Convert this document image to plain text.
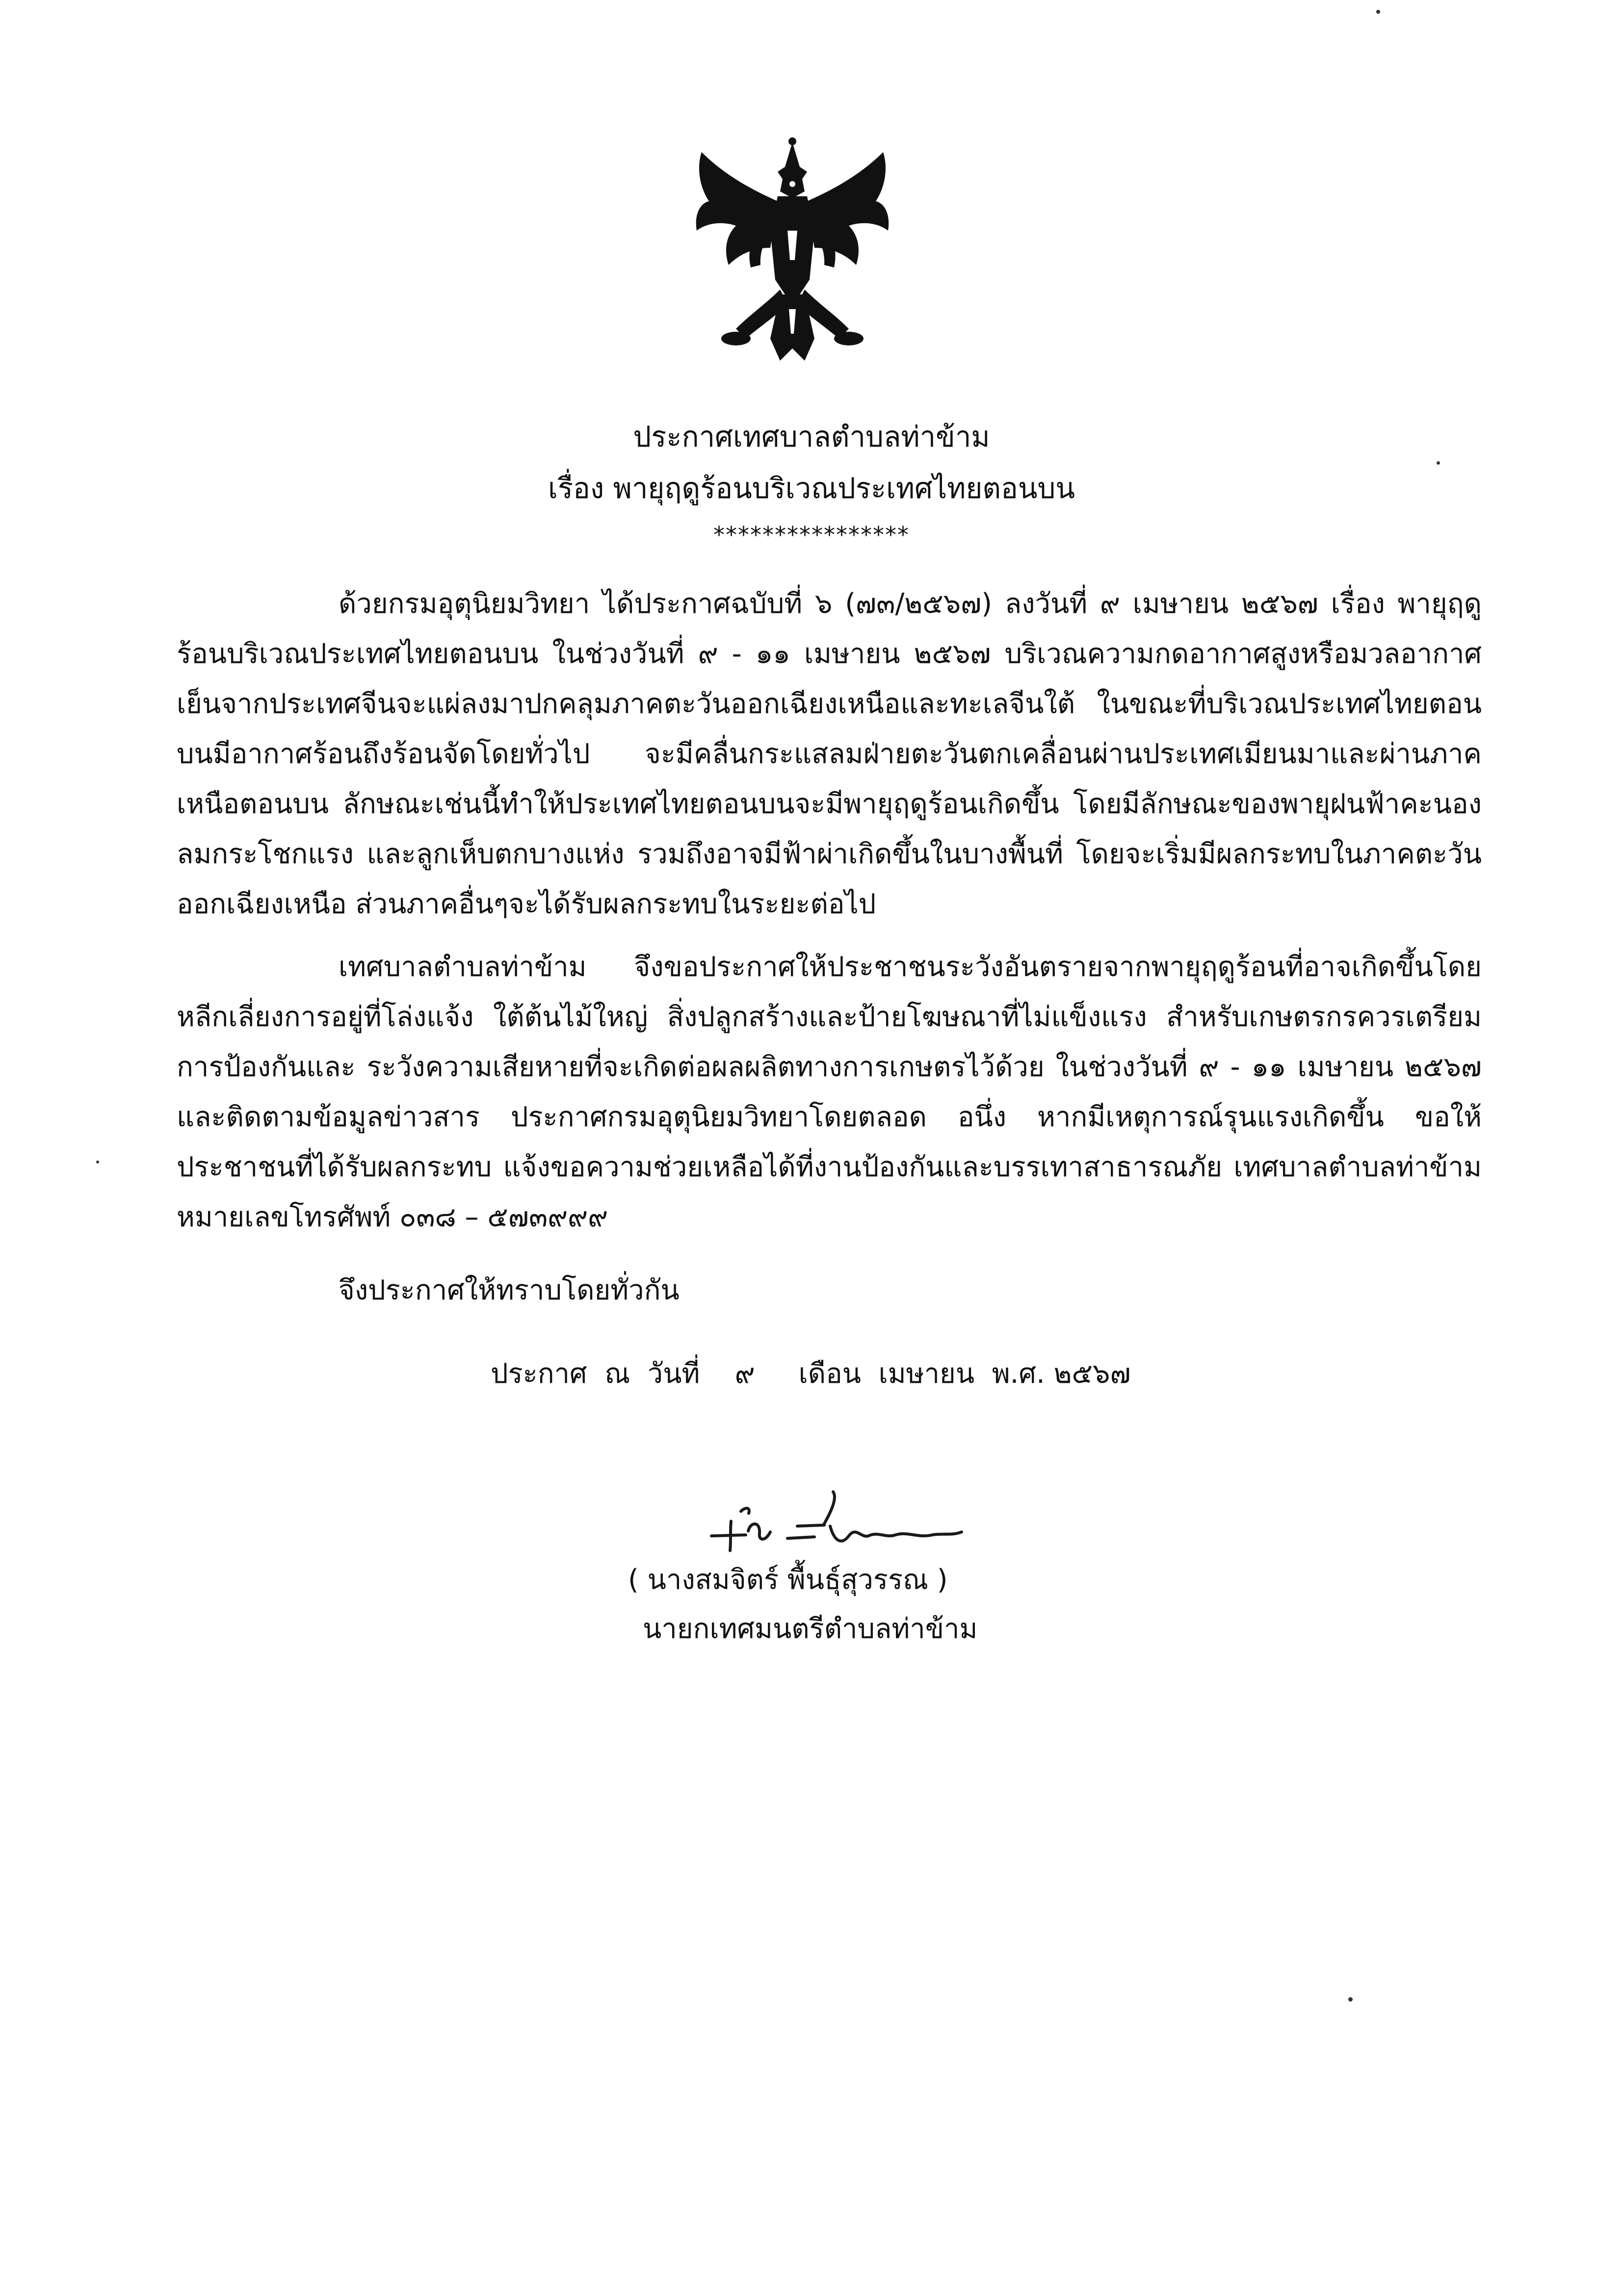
ประกาศเทศบาลตำบลท่าข้าม
เรื่อง พายุฤดูร้อนบริเวณประเทศไทยตอนบน
****************

ด้วยกรมอุตุนิยมวิทยา ได้ประกาศฉบับที่ ๖ (๗๓/๒๕๖๗) ลงวันที่ ๙ เมษายน ๒๕๖๗ เรื่อง พายุฤดูร้อนบริเวณประเทศไทยตอนบน ในช่วงวันที่ ๙ - ๑๑ เมษายน ๒๕๖๗ บริเวณความกดอากาศสูงหรือมวลอากาศเย็นจากประเทศจีนจะแผ่ลงมาปกคลุมภาคตะวันออกเฉียงเหนือและทะเลจีนใต้ ในขณะที่บริเวณประเทศไทยตอนบนมีอากาศร้อนถึงร้อนจัดโดยทั่วไป จะมีคลื่นกระแสลมฝ่ายตะวันตกเคลื่อนผ่านประเทศเมียนมาและผ่านภาคเหนือตอนบน ลักษณะเช่นนี้ทำให้ประเทศไทยตอนบนจะมีพายุฤดูร้อนเกิดขึ้น โดยมีลักษณะของพายุฝนฟ้าคะนอง ลมกระโชกแรง และลูกเห็บตกบางแห่ง รวมถึงอาจมีฟ้าผ่าเกิดขึ้นในบางพื้นที่ โดยจะเริ่มมีผลกระทบในภาคตะวันออกเฉียงเหนือ ส่วนภาคอื่นๆจะได้รับผลกระทบในระยะต่อไป

เทศบาลตำบลท่าข้าม จึงขอประกาศให้ประชาชนระวังอันตรายจากพายุฤดูร้อนที่อาจเกิดขึ้นโดยหลีกเลี่ยงการอยู่ที่โล่งแจ้ง ใต้ต้นไม้ใหญ่ สิ่งปลูกสร้างและป้ายโฆษณาที่ไม่แข็งแรง สำหรับเกษตรกรควรเตรียมการป้องกันและ ระวังความเสียหายที่จะเกิดต่อผลผลิตทางการเกษตรไว้ด้วย ในช่วงวันที่ ๙ - ๑๑ เมษายน ๒๕๖๗ และติดตามข้อมูลข่าวสาร ประกาศกรมอุตุนิยมวิทยาโดยตลอด อนึ่ง หากมีเหตุการณ์รุนแรงเกิดขึ้น ขอให้ประชาชนที่ได้รับผลกระทบ แจ้งขอความช่วยเหลือได้ที่งานป้องกันและบรรเทาสาธารณภัย เทศบาลตำบลท่าข้าม หมายเลขโทรศัพท์ ๐๓๘ – ๕๗๓๙๙๙

จึงประกาศให้ทราบโดยทั่วกัน
ประกาศ  ณ  วันที่    ๙     เดือน  เมษายน  พ.ศ. ๒๕๖๗
( นางสมจิตร์ พื้นธุ์สุวรรณ )
นายกเทศมนตรีตำบลท่าข้าม
